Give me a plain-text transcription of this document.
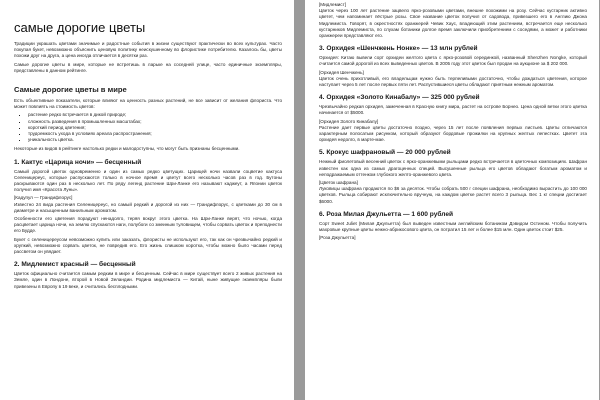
самые дорогие цветы

Традиции украшать цветами значимые и радостные события в жизни существуют практически во всех культурах. Часто покупая букет, невозможно объяснить ценовую политику неискушенному во флористике потребителю. Казалось бы, цветы похожи друг на друга, а цена иногда отличается в десятки раз.

Самые дорогие цветы в мире, которые не встретишь в ларьке на соседней улице, часто единичные экземпляры, представлены в данном рейтинге.

Самые дорогие цветы в мире

Есть объективные показатели, которые влияют на ценность разных растений, не все зависит от желания флориста. Что может повлиять на стоимость цветов:

▪ растение редко встречается в дикой природе;
▪ сложность разведения в промышленных масштабах;
▪ короткий период цветения;
▪ трудоемкость ухода в условиях ареала распространения;
▪ уникальность цветка.

Некоторые из видов в рейтинге настолько редки и малодоступны, что могут быть признаны бесценными.

1. Кактус «Царица ночи» — бесценный

Самый дорогой цветок одновременно и один из самых редко цветущих. Царицей ночи назвали соцветие кактуса Селеницереус, которые распускаются только в ночное время и цветут всего несколько часов раз в год. Бутоны раскрываются один раз в несколько лет. По ряду легенд растение Шри-Ланке его называют каджеут, а Японии цветок получил имя «Красота Луны».

[Кадупул — Грандифлорус]

Известно 24 вида растения Селеницереус, но самый редкий и дорогой из них — Грандифлорус, с цветками до 30 см в диаметре и насыщенным ванильным ароматом.

Особенности его цветения порадуют ненадолго, теряя вокруг этого цветка. На Шри-Ланке верят, что ночью, когда расцветает царица ночи, на землю спускаются наги, полубоги со змеиным туловищем, чтобы сорвать цветок и преподнести его Будде.

Букет с селеницереусом невозможно купить или заказать, флористы не используют его, так как он чрезвычайно редкий и хрупкий, невозможно сорвать цветок, не повредив его. Его жизнь слишком коротка, чтобы можно было часами перед рассветом он увядает.

2. Мидлемист красный — бесценный

Цветок официально считается самым редким в мире и бесценным. Сейчас в мире существует всего 2 живых растения на Земле, один в Лондоне, второй в Новой Зеландии. Родина мидлемиста — Китай, ныне живущие экземпляры были привезены в Европу в 19 веке, и считались бесплодными.

[Мидлемист]

Цветок через 100 лет растение зацвело ярко-розовыми цветами, внешне похожими на розу. Сейчас кустарник активно цветет, чем напоминает пёстрые розы. Свое название цветок получил от садовода, привезшего его в Англию Джона Мидлемиста. Говорят, в окрестностях оранжерей Чевик Хаус, владеющий этим растением, встречается еще несколько кустарников Мидлемиста, по слухам ботаники долгое время заключили приобретением с соседями, а может и работники оранжереи представляют его.

3. Орхидея «Шенчжень Нонке» — 13 млн рублей

Орхидея: Китаю вывели сорт орхидеи желтого цвета с ярко-розовой серединкой, названный Shenzhen Nongke, который считается самой дорогой из всех выведенных цветов. В 2005 году этот цветок был продан на аукционе за $ 202 000.

[Орхидея Шенчжень]

Цветок очень прихотливый, его владельцам нужно быть терпеливыми достаточно, чтобы дождаться цветения, которое наступает через 5 лет после первых пяти лет. Распустившиеся цветы обладают приятным нежным ароматом.

4. Орхидея «Золото Кинабалу» — 325 000 рублей

Чрезвычайно редкая орхидея, замеченная в Красную книгу мира, растет на острове Борнео. Цена одной ветки этого цветка начинается от $5000.

[Орхидея Золото Кинабалу]

Растение дает первые цветы достаточно поздно, через 15 лет после появления первых листьев. Цветы отличаются характерным полосатым рисунком, который образуют бордовые прожилки на крупных желтых лепестках. Цветет эта орхидея недолго, в марте-мае.

5. Крокус шафрановый — 20 000 рублей

Нежный фиолетовый весенний цветок с ярко-оранжевыми рыльцами редко встречается в цветочных композициях. Шафран известен как одна из самых драгоценных специй. Высушенные рыльца его цветов обладают богатым ароматом и неподражаемым оттенком глубокого желто-оранжевого цвета.

[Цветок шафрана]

Луковицы шафрана продаются по $6 за десяток. Чтобы собрать 500 г специи шафрана, необходимо вырастить до 100 000 цветков. Рыльца собирают исключительно вручную, на каждом цветке растет всего 3 рыльца. Вес 1 кг специи достигает $6000.

6. Роза Милая Джульетта — 1 600 рублей

Сорт Sweet Juliet (Милая Джульетта) был выведен известным английским ботаником Дэвидом Остином. Чтобы получить махровые крупные цветы нежно-абрикосового цвета, он потратил 15 лет и более $15 млн. Один цветок стоит $25.

[Роза Джульетта]
